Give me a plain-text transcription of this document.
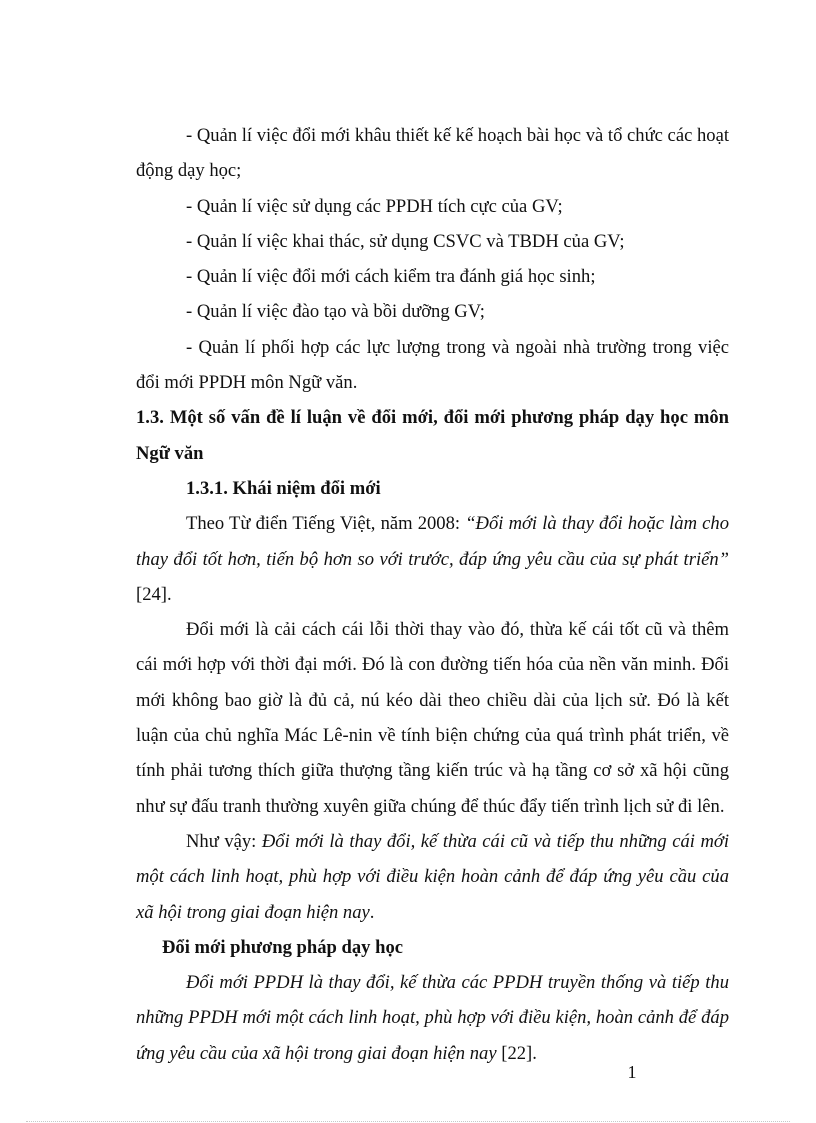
- Quản lí việc đổi mới khâu thiết kế kế hoạch bài học và tổ chức các hoạt động dạy học;

- Quản lí việc sử dụng các PPDH tích cực của GV;

- Quản lí việc khai thác, sử dụng CSVC và TBDH của GV;

- Quản lí việc đổi mới cách kiểm tra đánh giá học sinh;

- Quản lí việc đào tạo và bồi dưỡng GV;

- Quản lí phối hợp các lực lượng trong và ngoài nhà trường trong việc đổi mới PPDH môn Ngữ văn.

1.3. Một số vấn đề lí luận về đổi mới, đổi mới phương pháp dạy học môn Ngữ văn

1.3.1. Khái niệm đổi mới

Theo Từ điển Tiếng Việt, năm 2008: “Đổi mới là thay đổi hoặc làm cho thay đổi tốt hơn, tiến bộ hơn so với trước, đáp ứng yêu cầu của sự phát triển” [24].

Đổi mới là cải cách cái lỗi thời thay vào đó, thừa kế cái tốt cũ và thêm cái mới hợp với thời đại mới. Đó là con đường tiến hóa của nền văn minh. Đổi mới không bao giờ là đủ cả, nú kéo dài theo chiều dài của lịch sử. Đó là kết luận của chủ nghĩa Mác Lê-nin về tính biện chứng của quá trình phát triển, về tính phải tương thích giữa thượng tầng kiến trúc và hạ tầng cơ sở xã hội cũng như sự đấu tranh thường xuyên giữa chúng để thúc đẩy tiến trình lịch sử đi lên.

Như vậy: Đổi mới là thay đổi, kế thừa cái cũ và tiếp thu những cái mới một cách linh hoạt, phù hợp với điều kiện hoàn cảnh để đáp ứng yêu cầu của xã hội trong giai đoạn hiện nay.

Đổi mới phương pháp dạy học

Đổi mới PPDH là thay đổi, kế thừa các PPDH truyền thống và tiếp thu những PPDH mới một cách linh hoạt, phù hợp với điều kiện, hoàn cảnh để đáp ứng yêu cầu của xã hội trong giai đoạn hiện nay [22].

1
